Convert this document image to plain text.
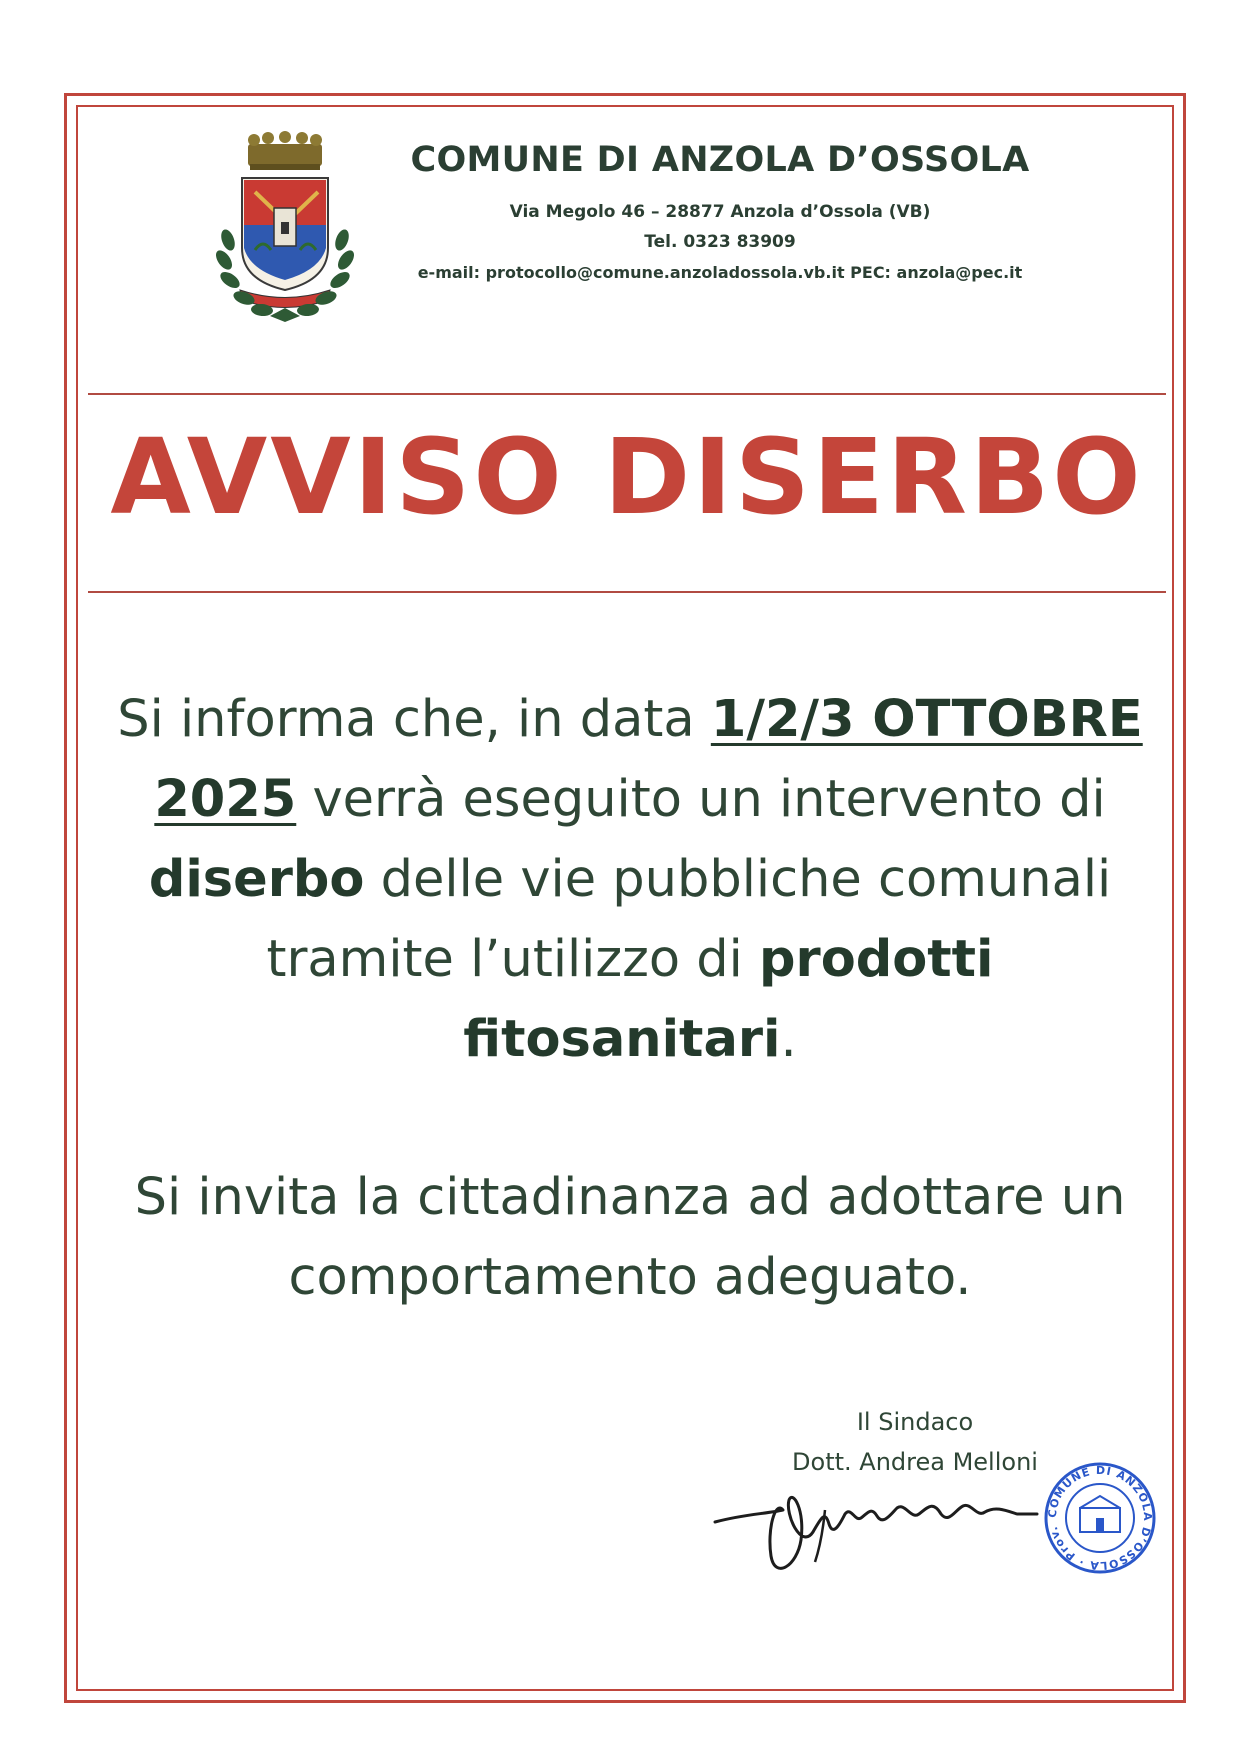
COMUNE DI ANZOLA D’OSSOLA
Via Megolo 46 – 28877 Anzola d’Ossola (VB)
Tel. 0323 83909
e-mail: protocollo@comune.anzoladossola.vb.it PEC: anzola@pec.it
AVVISO DISERBO
Si informa che, in data 1/2/3 OTTOBRE 2025 verrà eseguito un intervento di diserbo delle vie pubbliche comunali tramite l’utilizzo di prodotti fitosanitari.
Si invita la cittadinanza ad adottare un comportamento adeguato.
Il Sindaco
Dott. Andrea Melloni
COMUNE DI ANZOLA D’OSSOLA · Prov.
